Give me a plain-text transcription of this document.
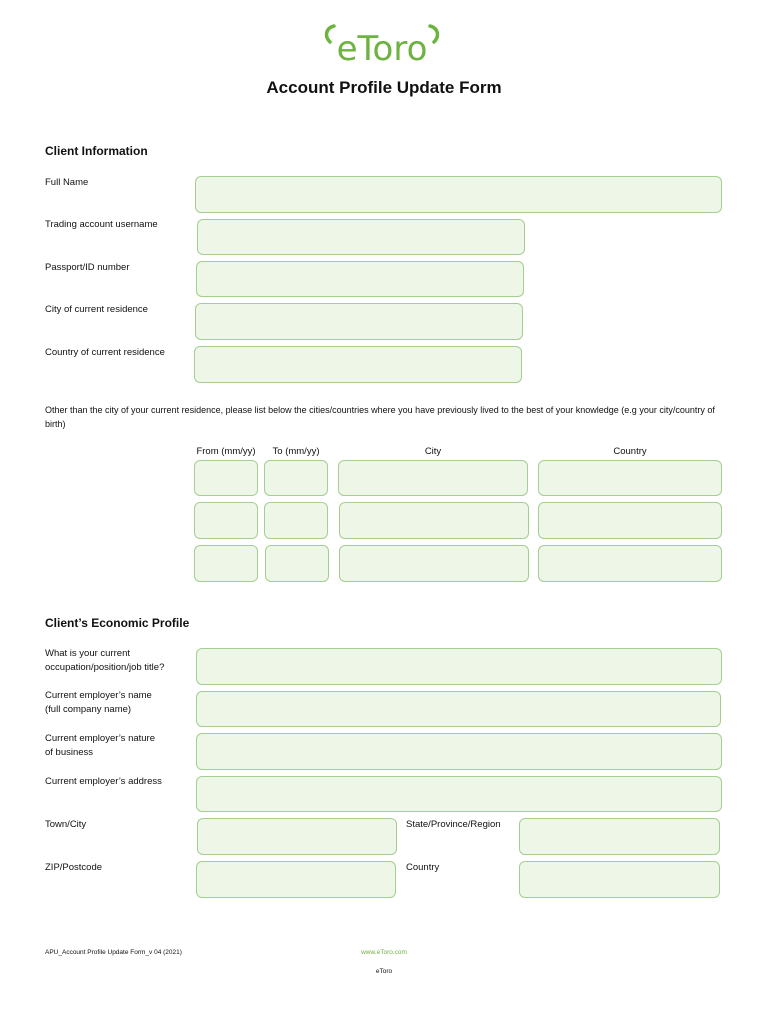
eToro
Account Profile Update Form
Client Information
Full Name
Trading account username
Passport/ID number
City of current residence
Country of current residence
Other than the city of your current residence, please list below the cities/countries where you have previously lived to the best of your knowledge (e.g your city/country of birth)
From (mm/yy)	To (mm/yy)	City	Country
Client’s Economic Profile
What is your current
occupation/position/job title?
Current employer’s name
(full company name)
Current employer’s nature
of business
Current employer’s address
Town/City	State/Province/Region
ZIP/Postcode	Country
APU_Account Profile Update Form_v 04 (2021)	www.eToro.com
eToro
